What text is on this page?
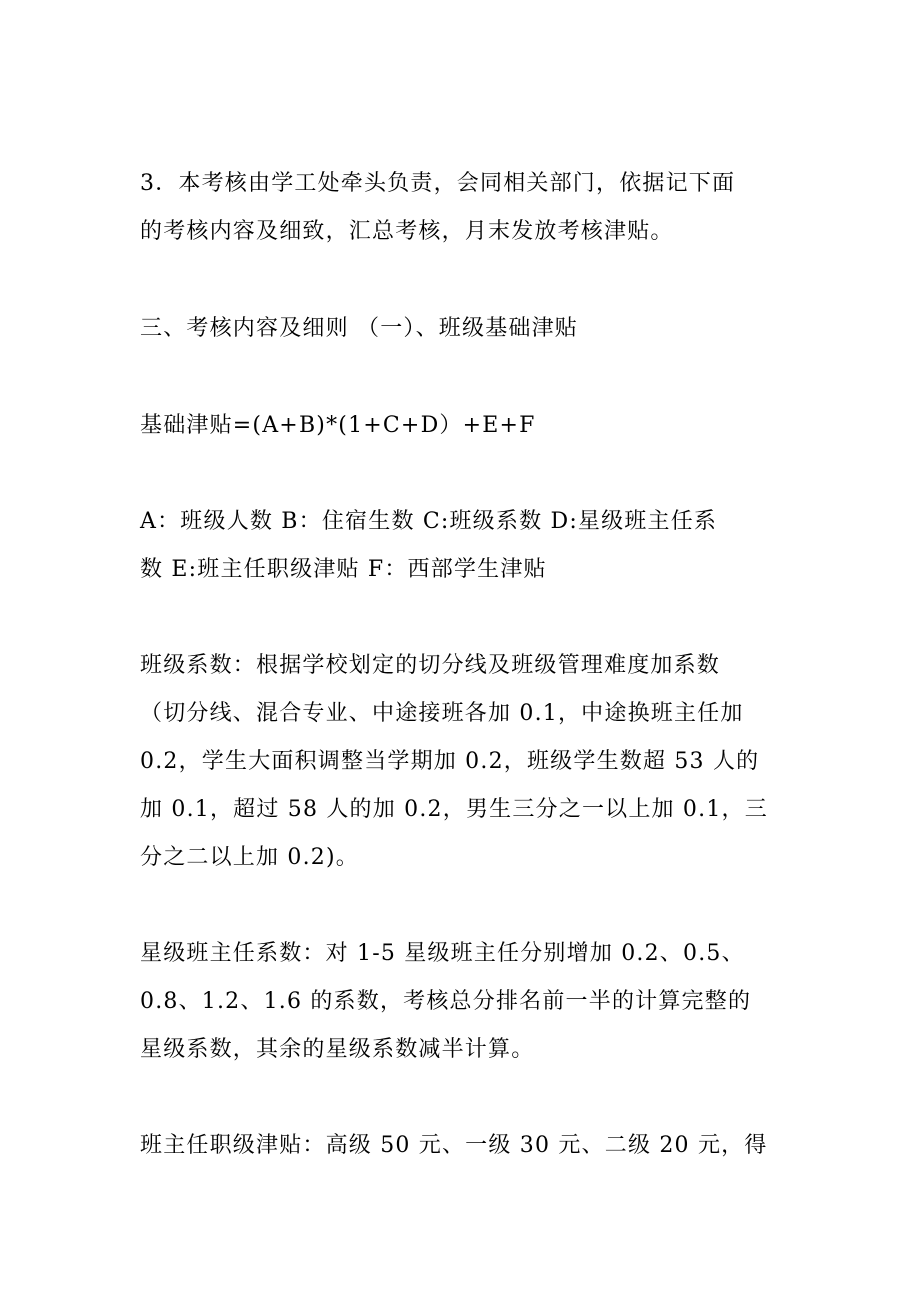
3．本考核由学工处牵头负责，会同相关部门，依据记下面
的考核内容及细致，汇总考核，月末发放考核津贴。
三、考核内容及细则 （一）、班级基础津贴
基础津贴=(A+B)*(1+C+D）+E+F
A：班级人数 B：住宿生数 C:班级系数 D:星级班主任系
数 E:班主任职级津贴 F：西部学生津贴
班级系数：根据学校划定的切分线及班级管理难度加系数
（切分线、混合专业、中途接班各加 0.1，中途换班主任加
0.2，学生大面积调整当学期加 0.2，班级学生数超 53 人的
加 0.1，超过 58 人的加 0.2，男生三分之一以上加 0.1，三
分之二以上加 0.2)。
星级班主任系数：对 1-5 星级班主任分别增加 0.2、0.5、
0.8、1.2、1.6 的系数，考核总分排名前一半的计算完整的
星级系数，其余的星级系数减半计算。
班主任职级津贴：高级 50 元、一级 30 元、二级 20 元，得
